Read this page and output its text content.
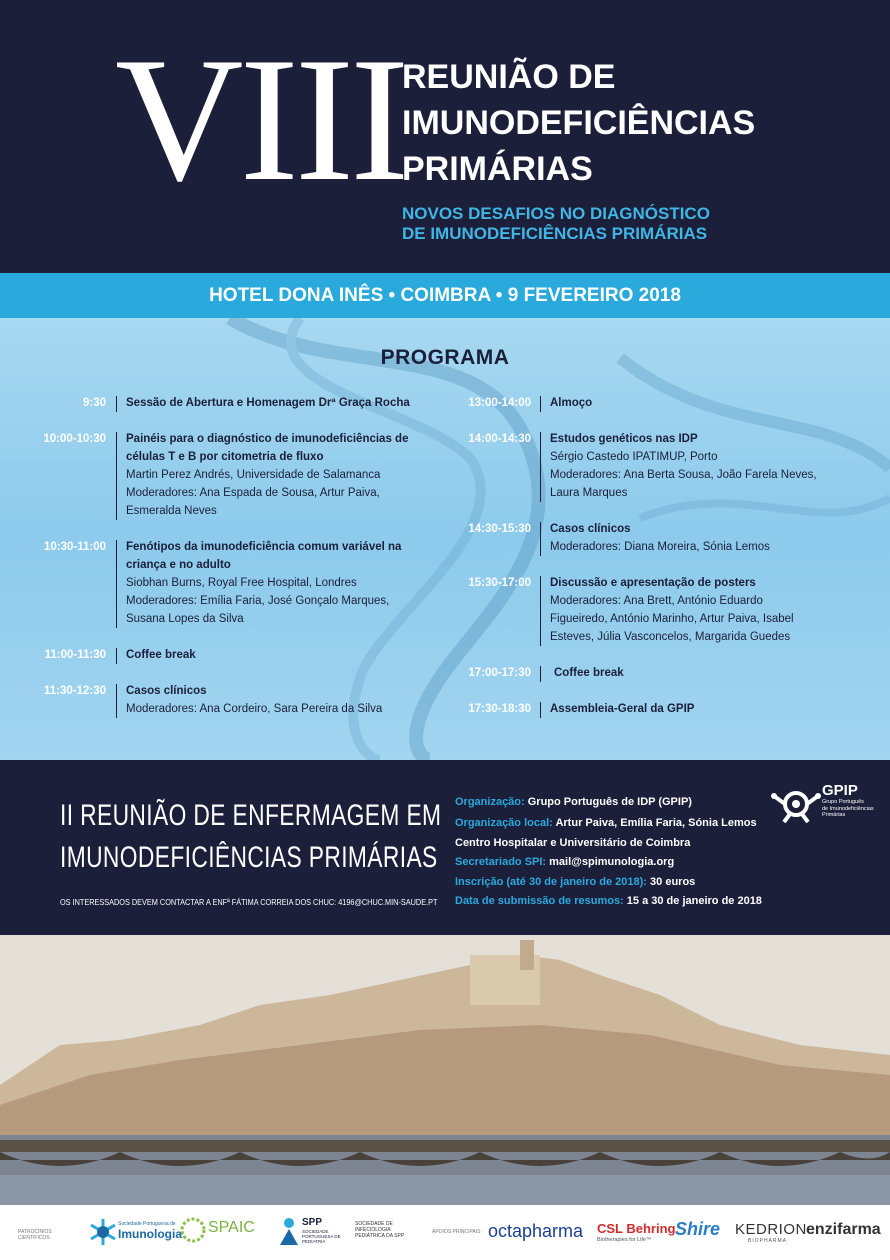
VIII
REUNIÃO DE
IMUNODEFICIÊNCIAS
PRIMÁRIAS
NOVOS DESAFIOS NO DIAGNÓSTICO
DE IMUNODEFICIÊNCIAS PRIMÁRIAS
HOTEL DONA INÊS • COIMBRA • 9 FEVEREIRO 2018
PROGRAMA
9:30 Sessão de Abertura e Homenagem Drª Graça Rocha
10:00-10:30 Painéis para o diagnóstico de imunodeficiências de
células T e B por citometria de fluxo
Martin Perez Andrés, Universidade de Salamanca
Moderadores: Ana Espada de Sousa, Artur Paiva,
Esmeralda Neves
10:30-11:00 Fenótipos da imunodeficiência comum variável na
criança e no adulto
Siobhan Burns, Royal Free Hospital, Londres
Moderadores: Emília Faria, José Gonçalo Marques,
Susana Lopes da Silva
11:00-11:30 Coffee break
11:30-12:30 Casos clínicos
Moderadores: Ana Cordeiro, Sara Pereira da Silva
13:00-14:00 Almoço
14:00-14:30 Estudos genéticos nas IDP
Sérgio Castedo IPATIMUP, Porto
Moderadores: Ana Berta Sousa, João Farela Neves,
Laura Marques
14:30-15:30 Casos clínicos
Moderadores: Diana Moreira, Sónia Lemos
15:30-17:00 Discussão e apresentação de posters
Moderadores: Ana Brett, António Eduardo
Figueiredo, António Marinho, Artur Paiva, Isabel
Esteves, Júlia Vasconcelos, Margarida Guedes
17:00-17:30 Coffee break
17:30-18:30 Assembleia-Geral da GPIP
II REUNIÃO DE ENFERMAGEM EM
IMUNODEFICIÊNCIAS PRIMÁRIAS
OS INTERESSADOS DEVEM CONTACTAR A ENFª FÁTIMA CORREIA DOS CHUC: 4196@CHUC.MIN-SAUDE.PT
Organização: Grupo Português de IDP (GPIP)
Organização local: Artur Paiva, Emília Faria, Sónia Lemos
Centro Hospitalar e Universitário de Coimbra
Secretariado SPI: mail@spimunologia.org
Inscrição (até 30 de janeiro de 2018): 30 euros
Data de submissão de resumos: 15 a 30 de janeiro de 2018
GPIP
Grupo Português
de Imunodeficiências
Primárias
PATROCÍNIOS CIENTÍFICOS
Sociedade Portuguesa de
Imunologia SPAIC	SPP
SOCIEDADE PORTUGUESA DE PEDIATRIA
SOCIEDADE DE INFECIOLOGIA PEDIÁTRICA DA SPP
APOIOS PRINCIPAIS octapharma CSL Behring
Biotherapies for Life™
Shire KEDRION
BIOPHARMA
enzifarma
